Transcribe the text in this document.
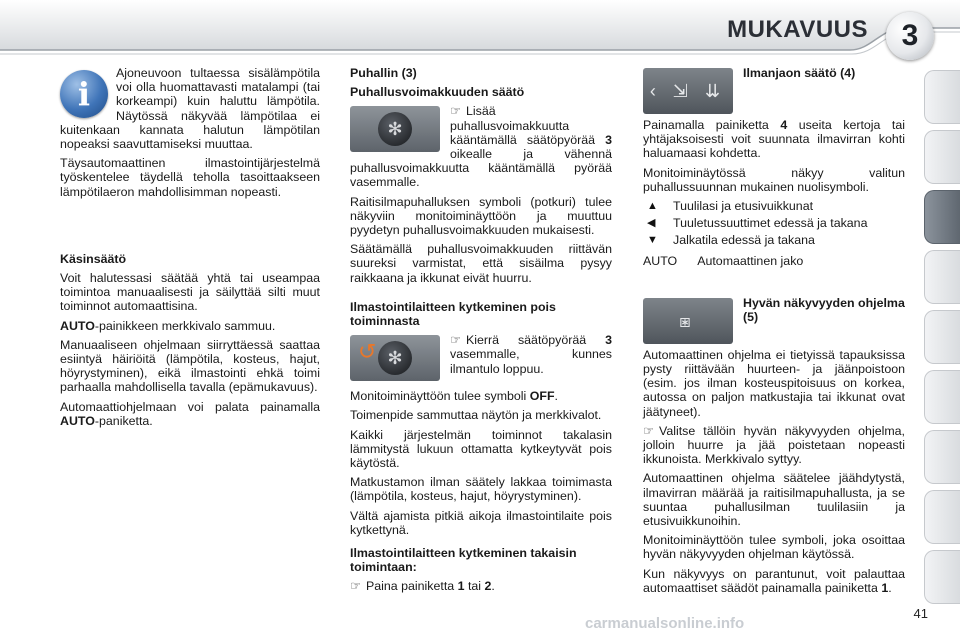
MUKAVUUS	3
i

Ajoneuvoon tultaessa sisälämpötila voi olla huomattavasti matalampi (tai korkeampi) kuin haluttu lämpötila. Näytössä näkyvää lämpötilaa ei kuitenkaan kannata halutun lämpötilan nopeaksi saavuttamiseksi muuttaa.

Täysautomaattinen ilmastointijärjestelmä työskentelee täydellä teholla tasoittaakseen lämpötilaeron mahdollisimman nopeasti.

Käsinsäätö

Voit halutessasi säätää yhtä tai useampaa toimintoa manuaalisesti ja säilyttää silti muut toiminnot automaattisina.

AUTO-painikkeen merkkivalo sammuu.

Manuaaliseen ohjelmaan siirryttäessä saattaa esiintyä häiriöitä (lämpötila, kosteus, hajut, höyrystyminen), eikä ilmastointi ehkä toimi parhaalla mahdollisella tavalla (epämukavuus).

Automaattiohjelmaan voi palata painamalla AUTO-paniketta.

Puhallin (3)

Puhallusvoimakkuuden säätö

✻

☞ Lisää puhallusvoimakkuutta kääntämällä säätöpyörää 3 oikealle ja vähennä puhallusvoimakkuutta kääntämällä pyörää vasemmalle.

Raitisilmapuhalluksen symboli (potkuri) tulee näkyviin monitoiminäyttöön ja muuttuu pyydetyn puhallusvoimakkuuden mukaisesti.

Säätämällä puhallusvoimakkuuden riittävän suureksi varmistat, että sisäilma pysyy raikkaana ja ikkunat eivät huurru.

Ilmastointilaitteen kytkeminen pois toiminnasta

↺ ✻

☞ Kierrä säätöpyörää 3 vasemmalle, kunnes ilmantulo loppuu.

Monitoiminäyttöön tulee symboli OFF.

Toimenpide sammuttaa näytön ja merkkivalot.

Kaikki järjestelmän toiminnot takalasin lämmitystä lukuun ottamatta kytkeytyvät pois käytöstä.

Matkustamon ilman säätely lakkaa toimimasta (lämpötila, kosteus, hajut, höyrystyminen).

Vältä ajamista pitkiä aikoja ilmastointilaite pois kytkettynä.

Ilmastointilaitteen kytkeminen takaisin toimintaan:

☞ Paina painiketta 1 tai 2.

‹ ⇲ ⇊

Ilmanjaon säätö (4)

Painamalla painiketta 4 useita kertoja tai yhtäjaksoisesti voit suunnata ilmavirran kohti haluamaasi kohdetta.

Monitoiminäytössä näkyy valitun puhallussuunnan mukainen nuolisymboli.

▲ Tuulilasi ja etusivuikkunat
◀ Tuuletussuuttimet edessä ja takana
▼ Jalkatila edessä ja takana
AUTO Automaattinen jako
⧆

Hyvän näkyvyyden ohjelma (5)

Automaattinen ohjelma ei tietyissä tapauksissa pysty riittävään huurteen- ja jäänpoistoon (esim. jos ilman kosteuspitoisuus on korkea, autossa on paljon matkustajia tai ikkunat ovat jäätyneet).

☞ Valitse tällöin hyvän näkyvyyden ohjelma, jolloin huurre ja jää poistetaan nopeasti ikkunoista. Merkkivalo syttyy.

Automaattinen ohjelma säätelee jäähdytystä, ilmavirran määrää ja raitisilmapuhallusta, ja se suuntaa puhallusilman tuulilasiin ja etusivuikkunoihin.

Monitoiminäyttöön tulee symboli, joka osoittaa hyvän näkyvyyden ohjelman käytössä.

Kun näkyvyys on parantunut, voit palauttaa automaattiset säädöt painamalla painiketta 1.

41
carmanualsonline.info
